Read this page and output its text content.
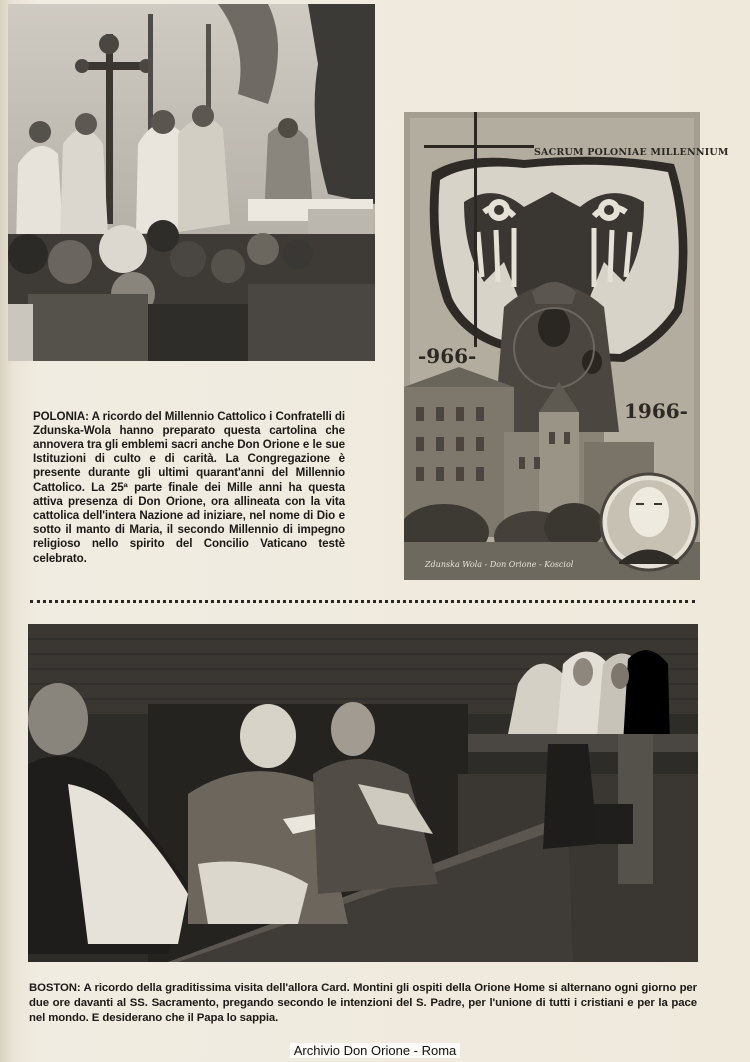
SACRUM POLONIAE MILLENNIUM
-966-
1966-
Zdunska Wola - Don Orione - Kosciol

POLONIA: A ricordo del Millennio Cattolico i Confratelli di Zdunska-Wola hanno preparato questa cartolina che annovera tra gli emblemi sacri anche Don Orione e le sue Istituzioni di culto e di carità. La Congregazione è presente durante gli ultimi quarant'anni del Millennio Cattolico. La 25ª parte finale dei Mille anni ha questa attiva presenza di Don Orione, ora allineata con la vita cattolica dell'intera Nazione ad iniziare, nel nome di Dio e sotto il manto di Maria, il secondo Millennio di impegno religioso nello spirito del Concilio Vaticano testè celebrato.

BOSTON: A ricordo della graditissima visita dell'allora Card. Montini gli ospiti della Orione Home si alternano ogni giorno per due ore davanti al SS. Sacramento, pregando secondo le intenzioni del S. Padre, per l'unione di tutti i cristiani e per la pace nel mondo. E desiderano che il Papa lo sappia.

Archivio Don Orione - Roma
